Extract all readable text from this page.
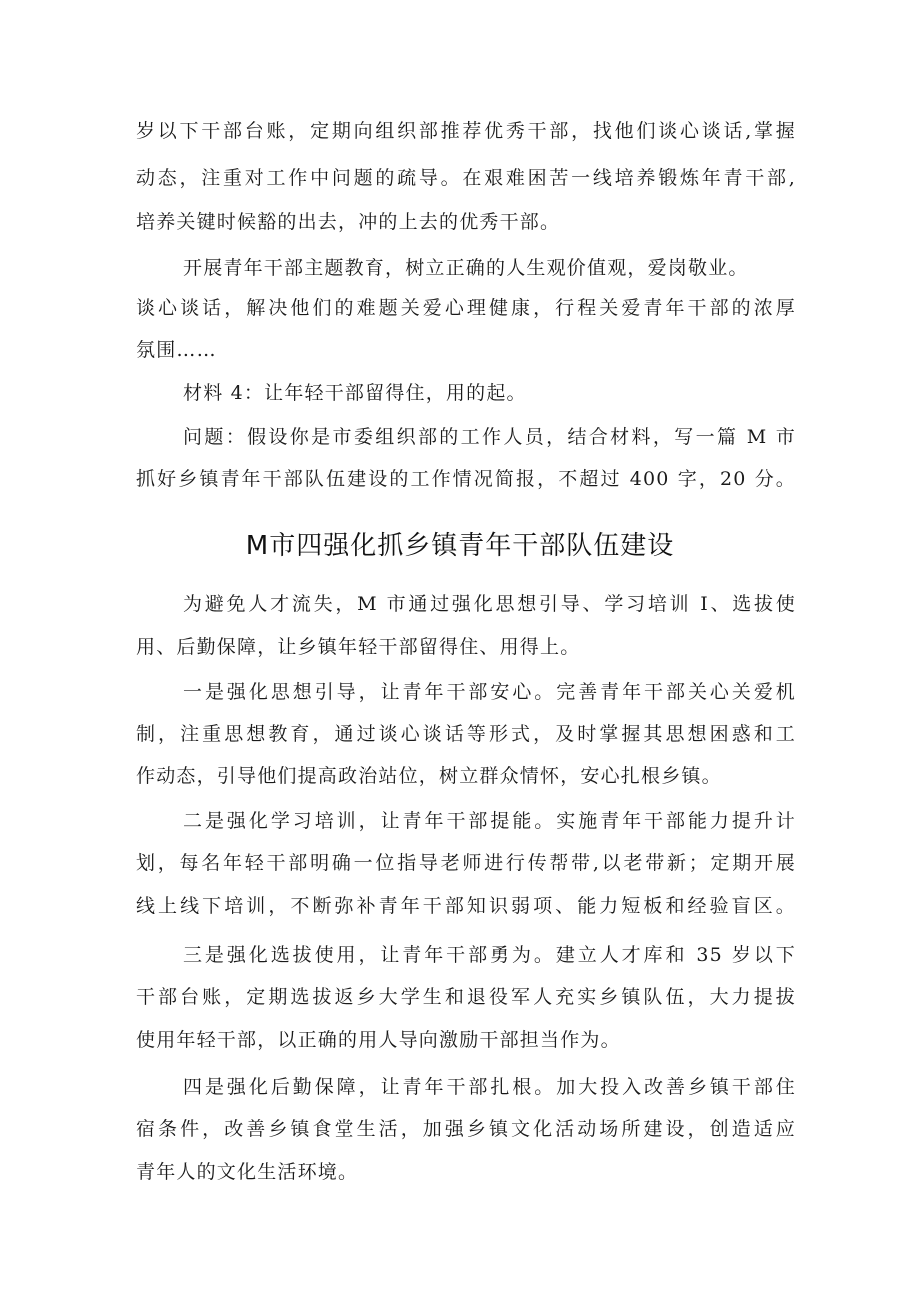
岁以下干部台账，定期向组织部推荐优秀干部，找他们谈心谈话,掌握
动态，注重对工作中问题的疏导。在艰难困苦一线培养锻炼年青干部,
培养关键时候豁的出去，冲的上去的优秀干部。
开展青年干部主题教育，树立正确的人生观价值观，爱岗敬业。
谈心谈话，解决他们的难题关爱心理健康，行程关爱青年干部的浓厚
氛围……
材料 4：让年轻干部留得住，用的起。
问题：假设你是市委组织部的工作人员，结合材料，写一篇 M 市
抓好乡镇青年干部队伍建设的工作情况简报，不超过 400 字，20 分。
M市四强化抓乡镇青年干部队伍建设
为避免人才流失，M 市通过强化思想引导、学习培训 I、选拔使
用、后勤保障，让乡镇年轻干部留得住、用得上。
一是强化思想引导，让青年干部安心。完善青年干部关心关爱机
制，注重思想教育，通过谈心谈话等形式，及时掌握其思想困惑和工
作动态，引导他们提高政治站位，树立群众情怀，安心扎根乡镇。
二是强化学习培训，让青年干部提能。实施青年干部能力提升计
划，每名年轻干部明确一位指导老师进行传帮带,以老带新；定期开展
线上线下培训，不断弥补青年干部知识弱项、能力短板和经验盲区。
三是强化选拔使用，让青年干部勇为。建立人才库和 35 岁以下
干部台账，定期选拔返乡大学生和退役军人充实乡镇队伍，大力提拔
使用年轻干部，以正确的用人导向激励干部担当作为。
四是强化后勤保障，让青年干部扎根。加大投入改善乡镇干部住
宿条件，改善乡镇食堂生活，加强乡镇文化活动场所建设，创造适应
青年人的文化生活环境。
